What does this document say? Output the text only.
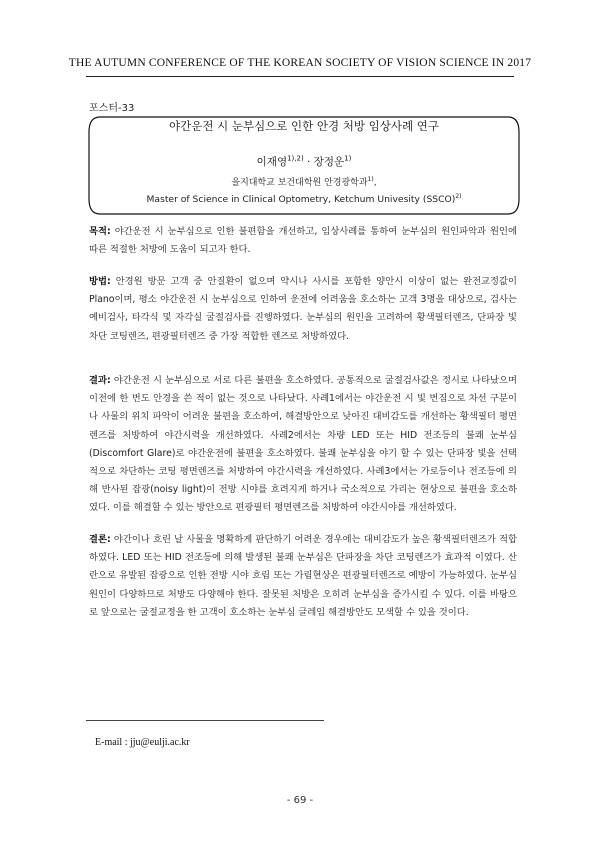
THE AUTUMN CONFERENCE OF THE KOREAN SOCIETY OF VISION SCIENCE IN 2017
포스터-33
야간운전 시 눈부심으로 인한 안경 처방 임상사례 연구
이재영$^{1),2)}$ · 장정운$^{1)}$
을지대학교 보건대학원 안경광학과$^{1)}$,
Master of Science in Clinical Optometry, Ketchum Univesity (SSCO)$^{2)}$
목적: 야간운전 시 눈부심으로 인한 불편함을 개선하고, 임상사례를 통하여 눈부심의 원인파악과 원인에 따른 적절한 처방에 도움이 되고자 한다.
방법: 안경원 방문 고객 중 안질환이 없으며 약시나 사시를 포함한 양안시 이상이 없는 완전교정값이 Plano이며, 평소 야간운전 시 눈부심으로 인하여 운전에 어려움을 호소하는 고객 3명을 대상으로, 검사는 예비검사, 타각식 및 자각실 굴절검사를 진행하였다. 눈부심의 원인을 고려하여 황색필터렌즈, 단파장 빛 차단 코팅렌즈, 편광필터렌즈 중 가장 적합한 렌즈로 처방하였다.
결과: 야간운전 시 눈부심으로 서로 다른 불편을 호소하였다. 공통적으로 굴절검사값은 정시로 나타났으며 이전에 한 번도 안경을 쓴 적이 없는 것으로 나타났다. 사례1에서는 야간운전 시 빛 번짐으로 차선 구분이나 사물의 위치 파악이 어려운 불편을 호소하여, 해결방안으로 낮아진 대비감도를 개선하는 황색필터 평면렌즈를 처방하여 야간시력을 개선하였다. 사례2에서는 차량 LED 또는 HID 전조등의 불쾌 눈부심(Discomfort Glare)로 야간운전에 불편을 호소하였다. 불쾌 눈부심을 야기 할 수 있는 단파장 빛을 선택적으로 차단하는 코팅 평면렌즈를 처방하여 야간시력을 개선하였다. 사례3에서는 가로등이나 전조등에 의해 반사된 잡광(noisy light)이 전방 시야를 흐려지게 하거나 국소적으로 가리는 현상으로 불편을 호소하였다. 이를 해결할 수 있는 방안으로 편광필터 평면렌즈를 처방하여 야간시야를 개선하였다.
결론: 야간이나 흐린 날 사물을 명확하게 판단하기 어려운 경우에는 대비감도가 높은 황색필터렌즈가 적합하였다. LED 또는 HID 전조등에 의해 발생된 불쾌 눈부심은 단파장을 차단 코팅렌즈가 효과적 이였다. 산란으로 유발된 잡광으로 인한 전방 시야 흐림 또는 가림현상은 편광필터렌즈로 예방이 가능하였다. 눈부심 원인이 다양하므로 처방도 다양해야 한다. 잘못된 처방은 오히려 눈부심을 증가시킬 수 있다. 이를 바탕으로 앞으로는 굴절교정을 한 고객이 호소하는 눈부심 글레임 해결방안도 모색할 수 있을 것이다.
E-mail : jju@eulji.ac.kr
- 69 -
